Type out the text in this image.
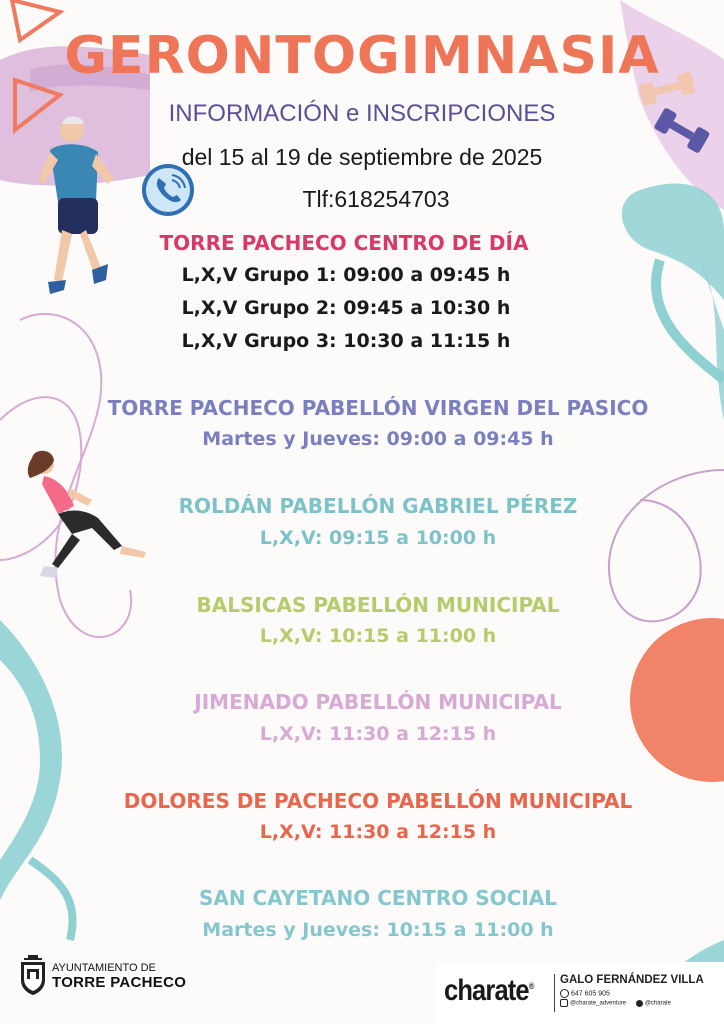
GERONTOGIMNASIA
INFORMACIÓN e INSCRIPCIONES
del 15 al 19 de septiembre de 2025
Tlf:618254703
TORRE PACHECO CENTRO DE DÍA
L,X,V Grupo 1: 09:00 a 09:45 h
L,X,V Grupo 2: 09:45 a 10:30 h
L,X,V Grupo 3: 10:30 a 11:15 h
TORRE PACHECO PABELLÓN VIRGEN DEL PASICO
Martes y Jueves: 09:00 a 09:45 h
ROLDÁN PABELLÓN GABRIEL PÉREZ
L,X,V: 09:15 a 10:00 h
BALSICAS PABELLÓN MUNICIPAL
L,X,V: 10:15 a 11:00 h
JIMENADO PABELLÓN MUNICIPAL
L,X,V: 11:30 a 12:15 h
DOLORES DE PACHECO PABELLÓN MUNICIPAL
L,X,V: 11:30 a 12:15 h
SAN CAYETANO CENTRO SOCIAL
Martes y Jueves: 10:15 a 11:00 h
AYUNTAMIENTO DE
TORRE PACHECO	charate® GALO FERNÁNDEZ VILLA
647 605 905
@charate_adventure	@charate
